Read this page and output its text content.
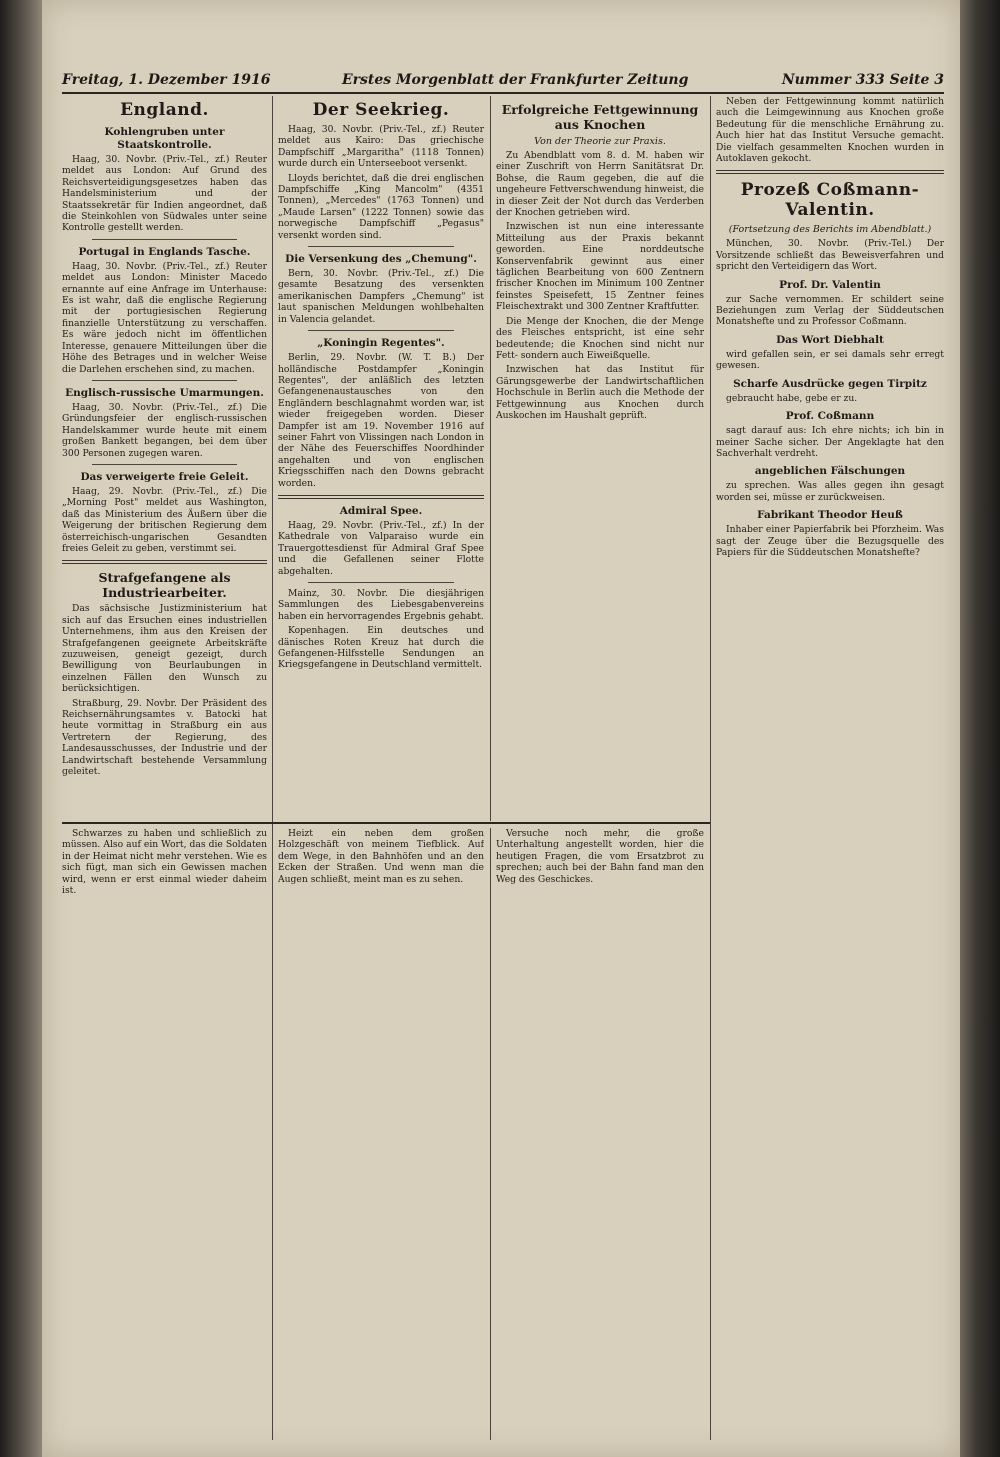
Freitag, 1. Dezember 1916	Erstes Morgenblatt der Frankfurter Zeitung	Nummer 333 Seite 3
England.
Kohlengruben unter Staatskontrolle.

Haag, 30. Novbr. (Priv.-Tel., zf.) Reuter meldet aus London: Auf Grund des Reichsverteidigungsgesetzes haben das Handelsministerium und der Staatssekretär für Indien angeordnet, daß die Steinkohlen von Südwales unter seine Kontrolle gestellt werden.

Portugal in Englands Tasche.

Haag, 30. Novbr. (Priv.-Tel., zf.) Reuter meldet aus London: Minister Macedo ernannte auf eine Anfrage im Unterhause: Es ist wahr, daß die englische Regierung mit der portugiesischen Regierung finanzielle Unterstützung zu verschaffen. Es wäre jedoch nicht im öffentlichen Interesse, genauere Mitteilungen über die Höhe des Betrages und in welcher Weise die Darlehen erschehen sind, zu machen.

Englisch-russische Umarmungen.

Haag, 30. Novbr. (Priv.-Tel., zf.) Die Gründungsfeier der englisch-russischen Handelskammer wurde heute mit einem großen Bankett begangen, bei dem über 300 Personen zugegen waren.

Das verweigerte freie Geleit.

Haag, 29. Novbr. (Priv.-Tel., zf.) Die „Morning Post" meldet aus Washington, daß das Ministerium des Äußern über die Weigerung der britischen Regierung dem österreichisch-ungarischen Gesandten freies Geleit zu geben, verstimmt sei.

Strafgefangene als Industriearbeiter.

Das sächsische Justizministerium hat sich auf das Ersuchen eines industriellen Unternehmens, ihm aus den Kreisen der Strafgefangenen geeignete Arbeitskräfte zuzuweisen, geneigt gezeigt, durch Bewilligung von Beurlaubungen in einzelnen Fällen den Wunsch zu berücksichtigen.

Straßburg, 29. Novbr. Der Präsident des Reichsernährungsamtes v. Batocki hat heute vormittag in Straßburg ein aus Vertretern der Regierung, des Landesausschusses, der Industrie und der Landwirtschaft bestehende Versammlung geleitet.

Der Seekrieg.

Haag, 30. Novbr. (Priv.-Tel., zf.) Reuter meldet aus Kairo: Das griechische Dampfschiff „Margaritha" (1118 Tonnen) wurde durch ein Unterseeboot versenkt.

Lloyds berichtet, daß die drei englischen Dampfschiffe „King Mancolm" (4351 Tonnen), „Mercedes" (1763 Tonnen) und „Maude Larsen" (1222 Tonnen) sowie das norwegische Dampfschiff „Pegasus" versenkt worden sind.

Die Versenkung des „Chemung".

Bern, 30. Novbr. (Priv.-Tel., zf.) Die gesamte Besatzung des versenkten amerikanischen Dampfers „Chemung" ist laut spanischen Meldungen wohlbehalten in Valencia gelandet.

„Koningin Regentes".

Berlin, 29. Novbr. (W. T. B.) Der holländische Postdampfer „Koningin Regentes", der anläßlich des letzten Gefangenenaustausches von den Engländern beschlagnahmt worden war, ist wieder freigegeben worden. Dieser Dampfer ist am 19. November 1916 auf seiner Fahrt von Vlissingen nach London in der Nähe des Feuerschiffes Noordhinder angehalten und von englischen Kriegsschiffen nach den Downs gebracht worden.

Admiral Spee.

Haag, 29. Novbr. (Priv.-Tel., zf.) In der Kathedrale von Valparaiso wurde ein Trauergottesdienst für Admiral Graf Spee und die Gefallenen seiner Flotte abgehalten.

Mainz, 30. Novbr. Die diesjährigen Sammlungen des Liebesgabenvereins haben ein hervorragendes Ergebnis gehabt.

Kopenhagen. Ein deutsches und dänisches Roten Kreuz hat durch die Gefangenen-Hilfsstelle Sendungen an Kriegsgefangene in Deutschland vermittelt.

Erfolgreiche Fettgewinnung aus Knochen
Von der Theorie zur Praxis.

Zu Abendblatt vom 8. d. M. haben wir einer Zuschrift von Herrn Sanitätsrat Dr. Bohse, die Raum gegeben, die auf die ungeheure Fettverschwendung hinweist, die in dieser Zeit der Not durch das Verderben der Knochen getrieben wird.

Inzwischen ist nun eine interessante Mitteilung aus der Praxis bekannt geworden. Eine norddeutsche Konservenfabrik gewinnt aus einer täglichen Bearbeitung von 600 Zentnern frischer Knochen im Minimum 100 Zentner feinstes Speisefett, 15 Zentner feines Fleischextrakt und 300 Zentner Kraftfutter.

Die Menge der Knochen, die der Menge des Fleisches entspricht, ist eine sehr bedeutende; die Knochen sind nicht nur Fett- sondern auch Eiweißquelle.

Inzwischen hat das Institut für Gärungsgewerbe der Landwirtschaftlichen Hochschule in Berlin auch die Methode der Fettgewinnung aus Knochen durch Auskochen im Haushalt geprüft.

Neben der Fettgewinnung kommt natürlich auch die Leimgewinnung aus Knochen große Bedeutung für die menschliche Ernährung zu. Auch hier hat das Institut Versuche gemacht. Die vielfach gesammelten Knochen wurden in Autoklaven gekocht.

Prozeß Coßmann-Valentin.
(Fortsetzung des Berichts im Abendblatt.)

München, 30. Novbr. (Priv.-Tel.) Der Vorsitzende schließt das Beweisverfahren und spricht den Verteidigern das Wort.

Prof. Dr. Valentin

zur Sache vernommen. Er schildert seine Beziehungen zum Verlag der Süddeutschen Monatshefte und zu Professor Coßmann.

Das Wort Diebhalt

wird gefallen sein, er sei damals sehr erregt gewesen.

Scharfe Ausdrücke gegen Tirpitz

gebraucht habe, gebe er zu.

Prof. Coßmann

sagt darauf aus: Ich ehre nichts; ich bin in meiner Sache sicher. Der Angeklagte hat den Sachverhalt verdreht.

angeblichen Fälschungen

zu sprechen. Was alles gegen ihn gesagt worden sei, müsse er zurückweisen.

Fabrikant Theodor Heuß

Inhaber einer Papierfabrik bei Pforzheim. Was sagt der Zeuge über die Bezugsquelle des Papiers für die Süddeutschen Monatshefte?

Schwarzes zu haben und schließlich zu müssen. Also auf ein Wort, das die Soldaten in der Heimat nicht mehr verstehen. Wie es sich fügt, man sich ein Gewissen machen wird, wenn er erst einmal wieder daheim ist.

Heizt ein neben dem großen Holzgeschäft von meinem Tiefblick. Auf dem Wege, in den Bahnhöfen und an den Ecken der Straßen. Und wenn man die Augen schließt, meint man es zu sehen.

Versuche noch mehr, die große Unterhaltung angestellt worden, hier die heutigen Fragen, die vom Ersatzbrot zu sprechen; auch bei der Bahn fand man den Weg des Geschickes.
